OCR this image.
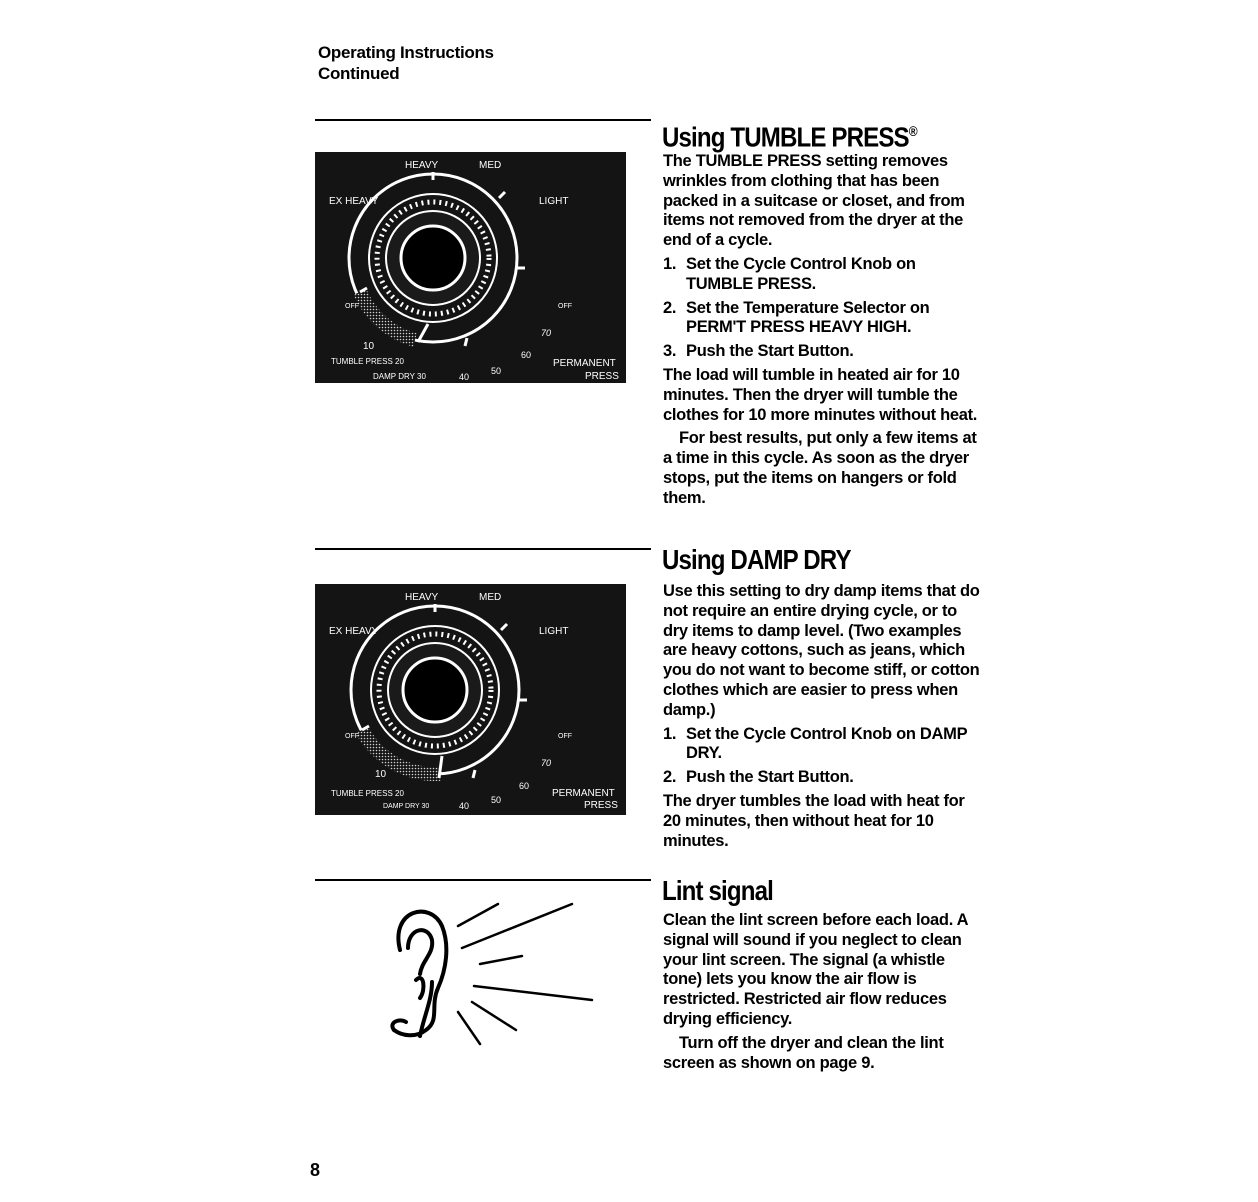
Operating Instructions
Continued
Using TUMBLE PRESS®
HEAVY	MED
EX HEAVY	LIGHT
OFF	OFF
10
TUMBLE PRESS 20
DAMP DRY 30	40
50
60
70
PERMANENT
PRESS

The TUMBLE PRESS setting removes wrinkles from clothing that has been packed in a suitcase or closet, and from items not removed from the dryer at the end of a cycle.

1. Set the Cycle Control Knob on TUMBLE PRESS.
2. Set the Temperature Selector on PERM'T PRESS HEAVY HIGH.
3. Push the Start Button.

The load will tumble in heated air for 10 minutes. Then the dryer will tumble the clothes for 10 more minutes without heat.

For best results, put only a few items at a time in this cycle. As soon as the dryer stops, put the items on hangers or fold them.

Using DAMP DRY
HEAVY	MED
EX HEAVY	LIGHT
OFF	OFF
10
TUMBLE PRESS 20
DAMP DRY 30	40
50
60
70
PERMANENT
PRESS

Use this setting to dry damp items that do not require an entire drying cycle, or to dry items to damp level. (Two examples are heavy cottons, such as jeans, which you do not want to become stiff, or cotton clothes which are easier to press when damp.)

1. Set the Cycle Control Knob on DAMP DRY.
2. Push the Start Button.

The dryer tumbles the load with heat for 20 minutes, then without heat for 10 minutes.

Lint signal

Clean the lint screen before each load. A signal will sound if you neglect to clean your lint screen. The signal (a whistle tone) lets you know the air flow is restricted. Restricted air flow reduces drying efficiency.

Turn off the dryer and clean the lint screen as shown on page 9.

8
